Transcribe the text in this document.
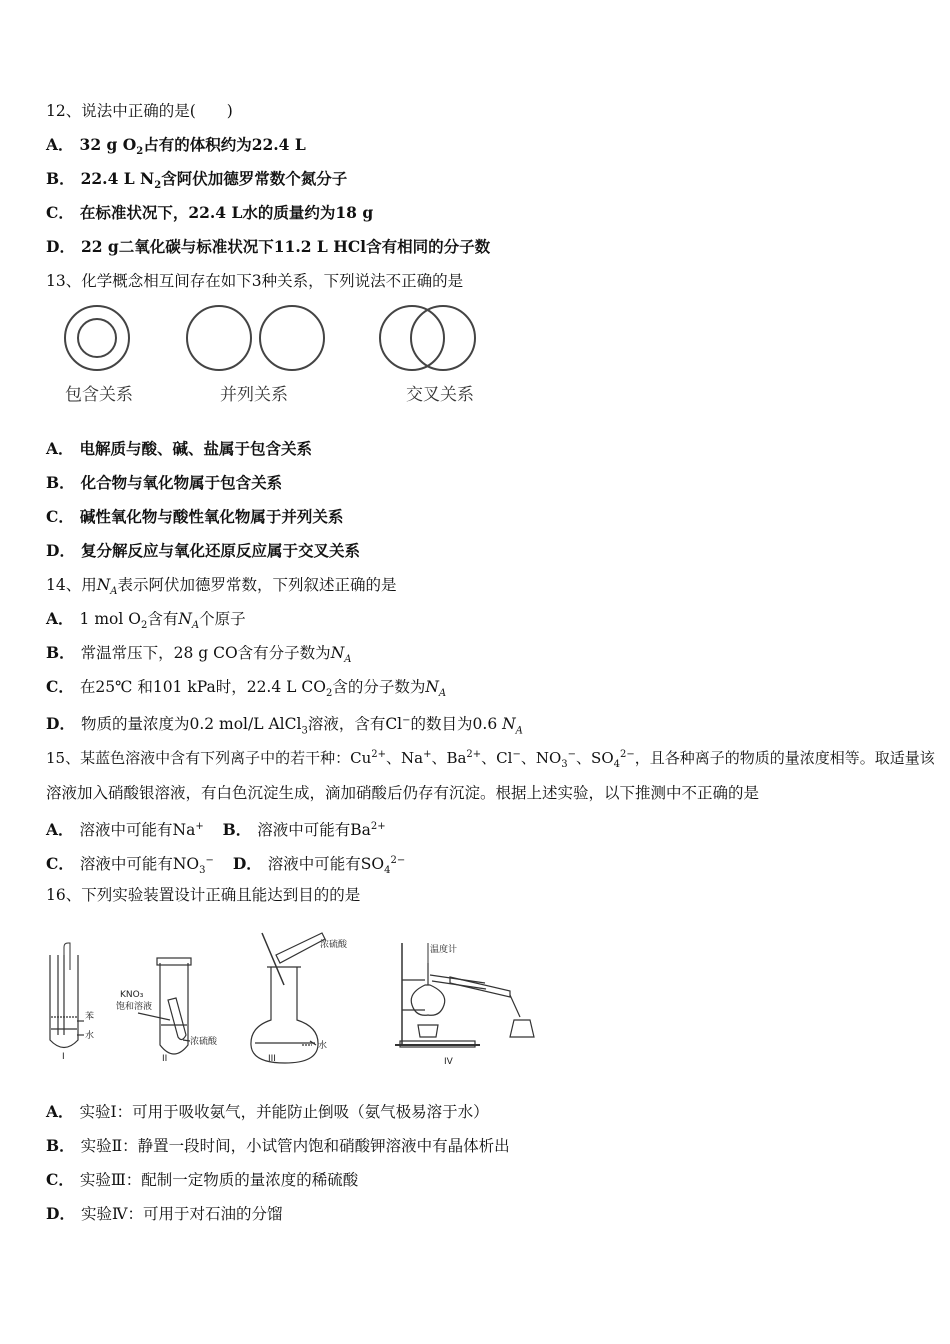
12、说法中正确的是(　　)
A． 32 g $O_2$占有的体积约为22.4 L
B． 22.4 L $N_2$含阿伏加德罗常数个氮分子
C． 在标准状况下，22.4 L水的质量约为18 g
D． 22 g二氧化碳与标准状况下11.2 L HCl含有相同的分子数
13、化学概念相互间存在如下3种关系，下列说法不正确的是
包含关系	并列关系	交叉关系
A． 电解质与酸、碱、盐属于包含关系
B． 化合物与氧化物属于包含关系
C． 碱性氧化物与酸性氧化物属于并列关系
D． 复分解反应与氧化还原反应属于交叉关系
14、用$N_A$表示阿伏加德罗常数，下列叙述正确的是
A． 1 mol $O_2$含有$N_A$个原子
B． 常温常压下，28 g CO含有分子数为$N_A$
C． 在25℃ 和101 kPa时，22.4 L $CO_2$含的分子数为$N_A$
D． 物质的量浓度为0.2 mol/L AlCl$_3$溶液，含有Cl−的数目为0.6 $N_A$
15、某蓝色溶液中含有下列离子中的若干种：$Cu^{2+}$、Na+、$Ba^{2+}$、Cl−、$NO_3^-$、$SO_4^{2-}$，且各种离子的物质的量浓度相等。取适量该
溶液加入硝酸银溶液，有白色沉淀生成，滴加硝酸后仍存有沉淀。根据上述实验，以下推测中不正确的是
A． 溶液中可能有Na+ B． 溶液中可能有$Ba^{2+}$
C． 溶液中可能有$NO_3^-$ D． 溶液中可能有$SO_4^{2-}$
16、下列实验装置设计正确且能达到目的的是
苯
水
KNO₃
饱和溶液
浓硫酸
浓硫酸
水
温度计
I	II	III	IV
A． 实验Ⅰ：可用于吸收氨气，并能防止倒吸（氨气极易溶于水）
B． 实验Ⅱ：静置一段时间，小试管内饱和硝酸钾溶液中有晶体析出
C． 实验Ⅲ：配制一定物质的量浓度的稀硫酸
D． 实验Ⅳ：可用于对石油的分馏
